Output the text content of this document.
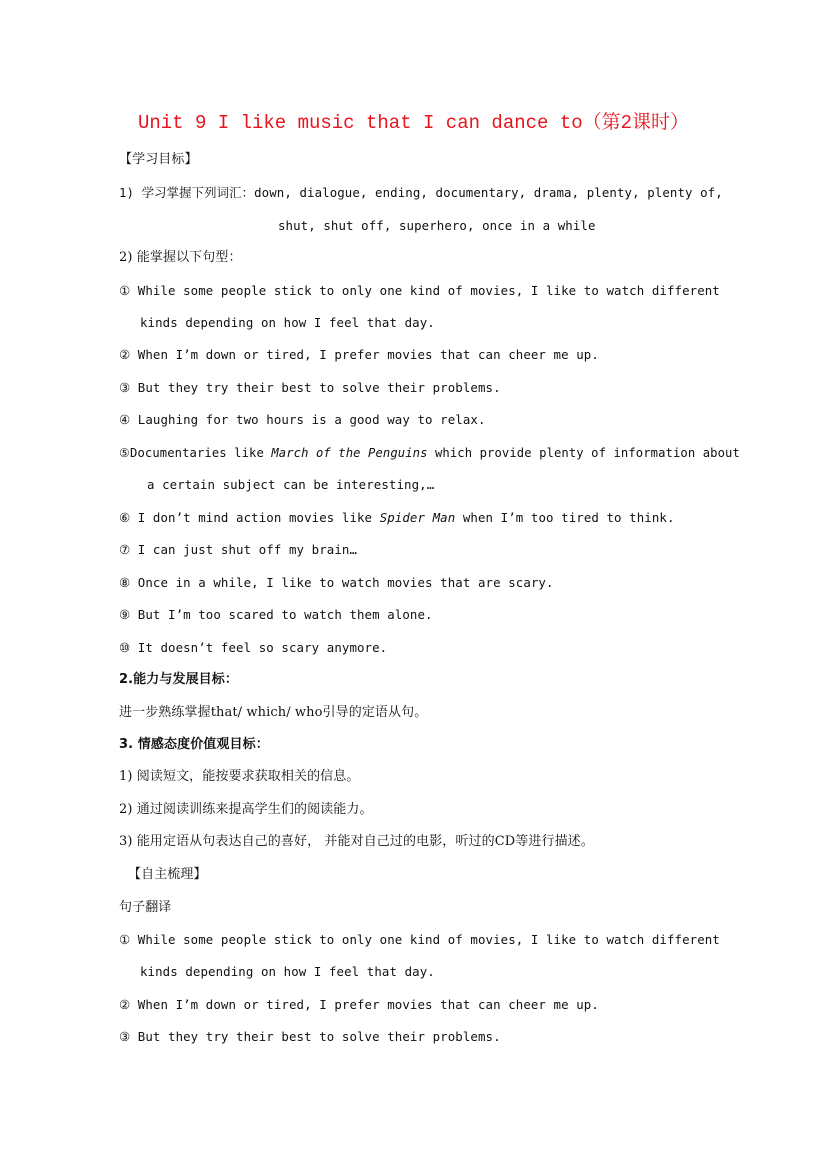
Unit 9 I like music that I can dance to（第2课时）
【学习目标】
1) 学习掌握下列词汇：down, dialogue, ending, documentary, drama, plenty, plenty of,
shut, shut off, superhero, once in a while
2) 能掌握以下句型：
① While some people stick to only one kind of movies, I like to watch different
kinds depending on how I feel that day.
② When I’m down or tired, I prefer movies that can cheer me up.
③ But they try their best to solve their problems.
④ Laughing for two hours is a good way to relax.
⑤Documentaries like March of the Penguins which provide plenty of information about
a certain subject can be interesting,…
⑥ I don’t mind action movies like Spider Man when I’m too tired to think.
⑦ I can just shut off my brain…
⑧ Once in a while, I like to watch movies that are scary.
⑨ But I’m too scared to watch them alone.
⑩ It doesn’t feel so scary anymore.
2.能力与发展目标：
进一步熟练掌握that/ which/ who引导的定语从句。
3. 情感态度价值观目标：
1) 阅读短文，能按要求获取相关的信息。
2) 通过阅读训练来提高学生们的阅读能力。
3) 能用定语从句表达自己的喜好， 并能对自己过的电影，听过的CD等进行描述。
【自主梳理】
句子翻译
① While some people stick to only one kind of movies, I like to watch different
kinds depending on how I feel that day.
② When I’m down or tired, I prefer movies that can cheer me up.
③ But they try their best to solve their problems.
